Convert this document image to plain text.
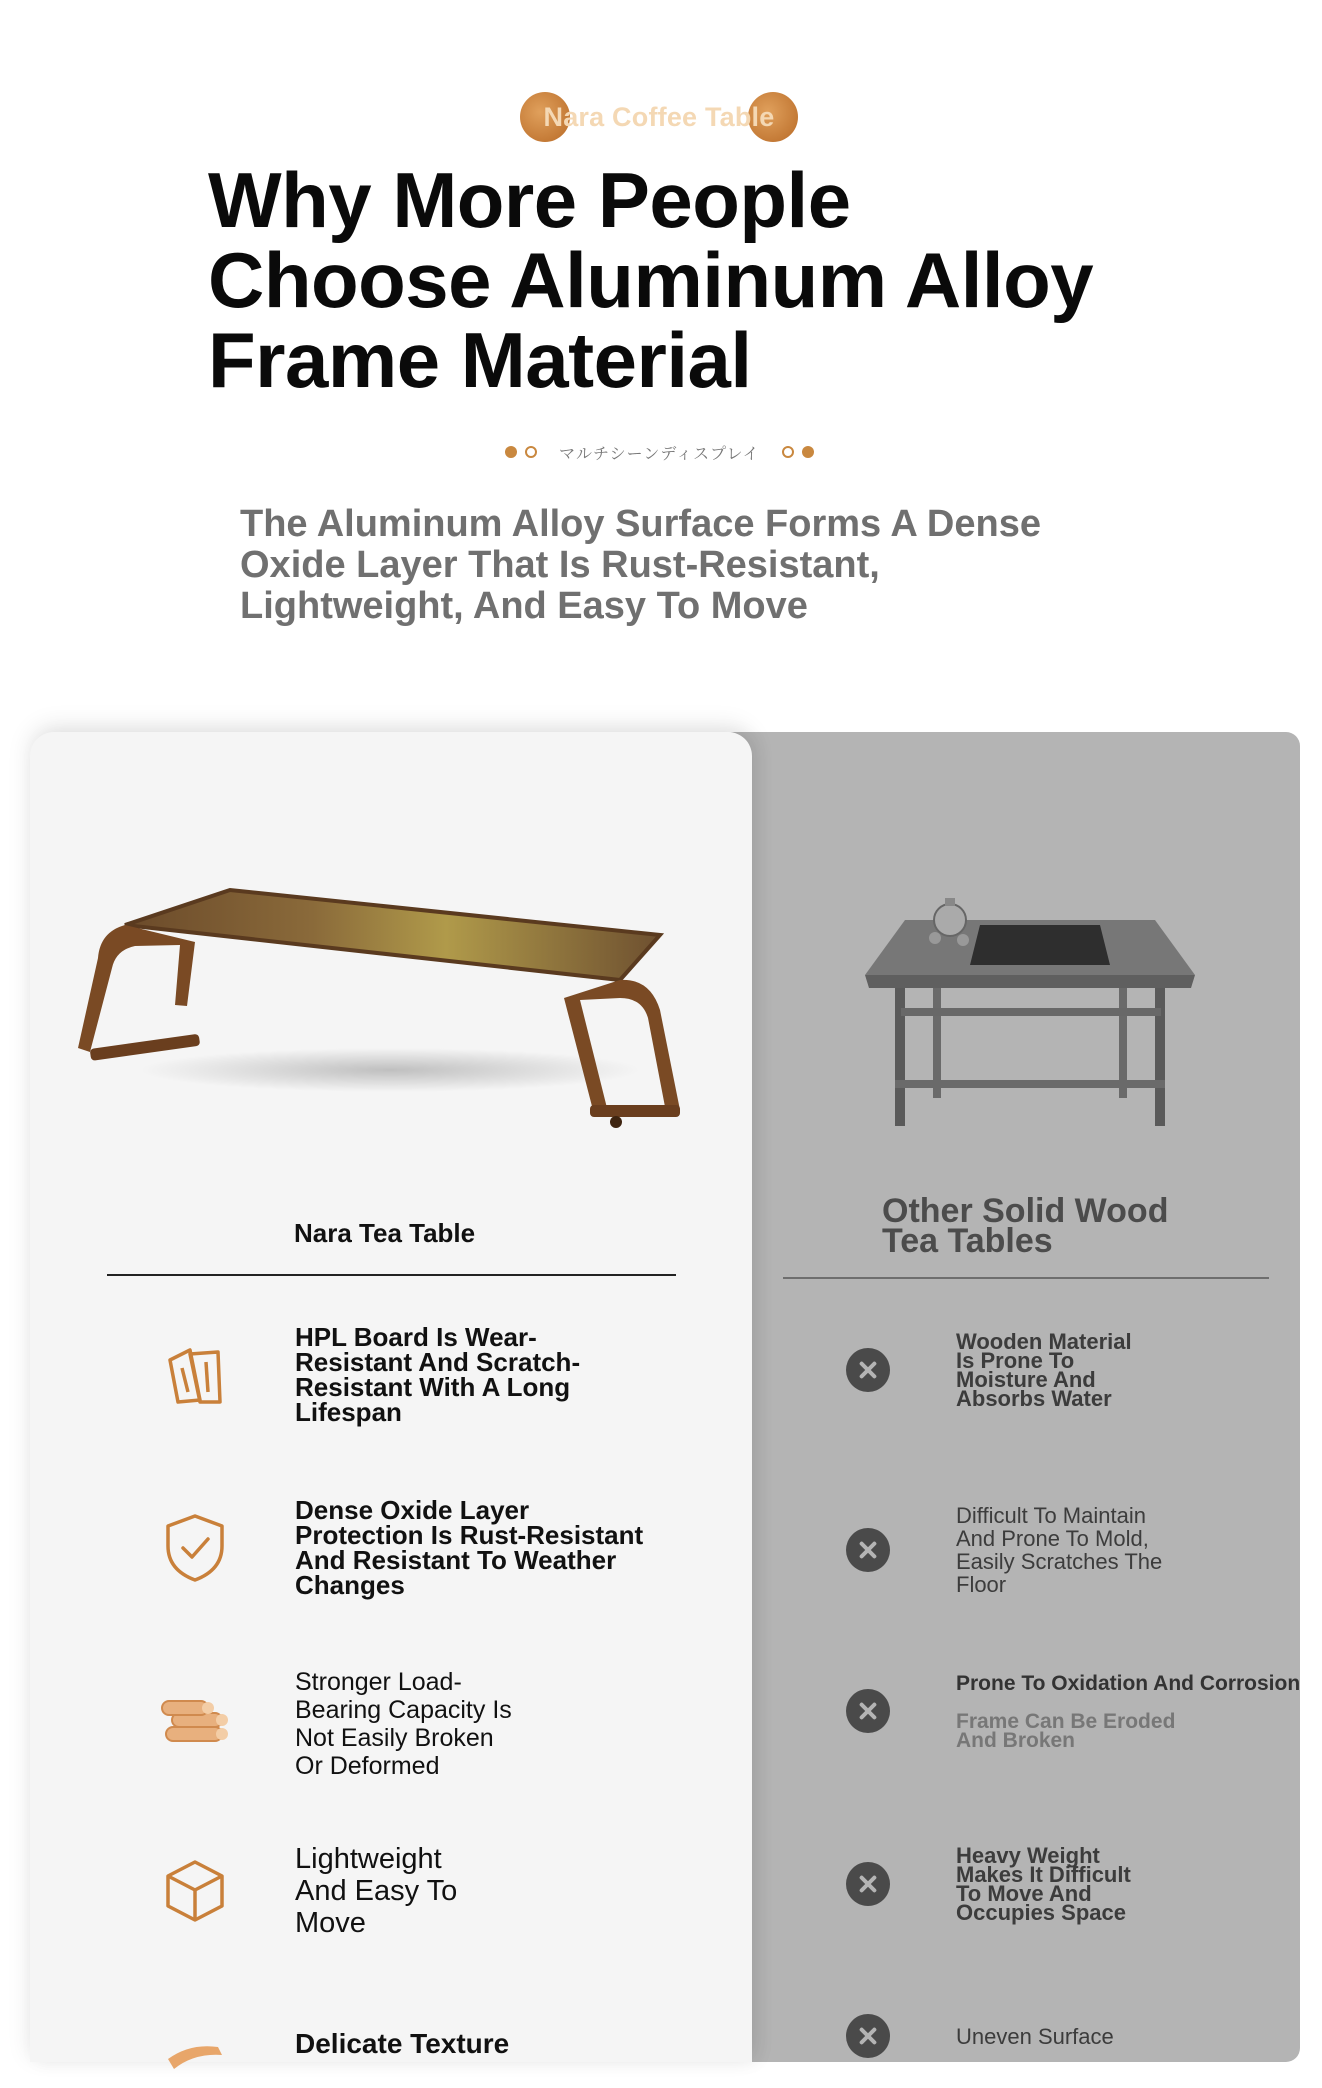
Nara Coffee Table
Why More People Choose Aluminum Alloy Frame Material
マルチシーンディスプレイ

The Aluminum Alloy Surface Forms A Dense Oxide Layer That Is Rust-Resistant, Lightweight, And Easy To Move

Nara Tea Table
Other Solid Wood Tea Tables
HPL Board Is Wear-Resistant And Scratch-Resistant With A Long Lifespan
Dense Oxide Layer Protection Is Rust-Resistant And Resistant To Weather Changes
Stronger Load-Bearing Capacity Is Not Easily Broken Or Deformed
Lightweight And Easy To Move
Delicate Texture
Wooden Material Is Prone To Moisture And Absorbs Water
Difficult To Maintain And Prone To Mold, Easily Scratches The Floor
Prone To Oxidation And Corrosion
Frame Can Be Eroded And Broken
Heavy Weight Makes It Difficult To Move And Occupies Space
Uneven Surface
